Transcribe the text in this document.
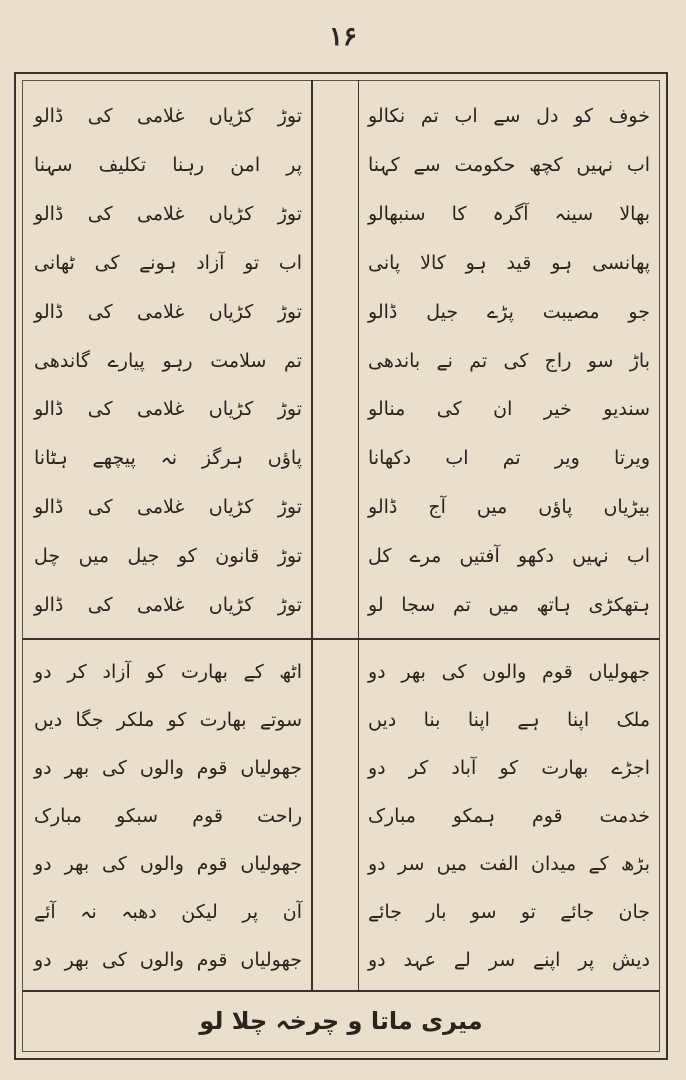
۱۶
خوف کو دل سے اب تم نکالو
اب نہیں کچھ حکومت سے کہنا
بھالا سینہ آگرہ کا سنبھالو
پھانسی ہو قید ہو کالا پانی
جو مصیبت پڑے جیل ڈالو
باڑ سو راج کی تم نے باندھی
سندیو خیر ان کی منالو
ویرتا ویر تم اب دکھانا
بیڑیاں پاؤں میں آج ڈالو
اب نہیں دکھو آفتیں مرے کل
ہتھکڑی ہاتھ میں تم سجا لو
توڑ کڑیاں غلامی کی ڈالو
پر امن رہنا تکلیف سہنا
توڑ کڑیاں غلامی کی ڈالو
اب تو آزاد ہونے کی ٹھانی
توڑ کڑیاں غلامی کی ڈالو
تم سلامت رہو پیارے گاندھی
توڑ کڑیاں غلامی کی ڈالو
پاؤں ہرگز نہ پیچھے ہٹانا
توڑ کڑیاں غلامی کی ڈالو
توڑ قانون کو جیل میں چل
توڑ کڑیاں غلامی کی ڈالو
جھولیاں قوم والوں کی بھر دو
ملک اپنا ہے اپنا بنا دیں
اجڑے بھارت کو آباد کر دو
خدمت قوم ہمکو مبارک
بڑھ کے میدان الفت میں سر دو
جان جائے تو سو بار جائے
دیش پر اپنے سر لے عہد دو
اٹھ کے بھارت کو آزاد کر دو
سوتے بھارت کو ملکر جگا دیں
جھولیاں قوم والوں کی بھر دو
راحت قوم سبکو مبارک
جھولیاں قوم والوں کی بھر دو
آن پر لیکن دھبہ نہ آئے
جھولیاں قوم والوں کی بھر دو
میری ماتا و چرخہ چلا لو
